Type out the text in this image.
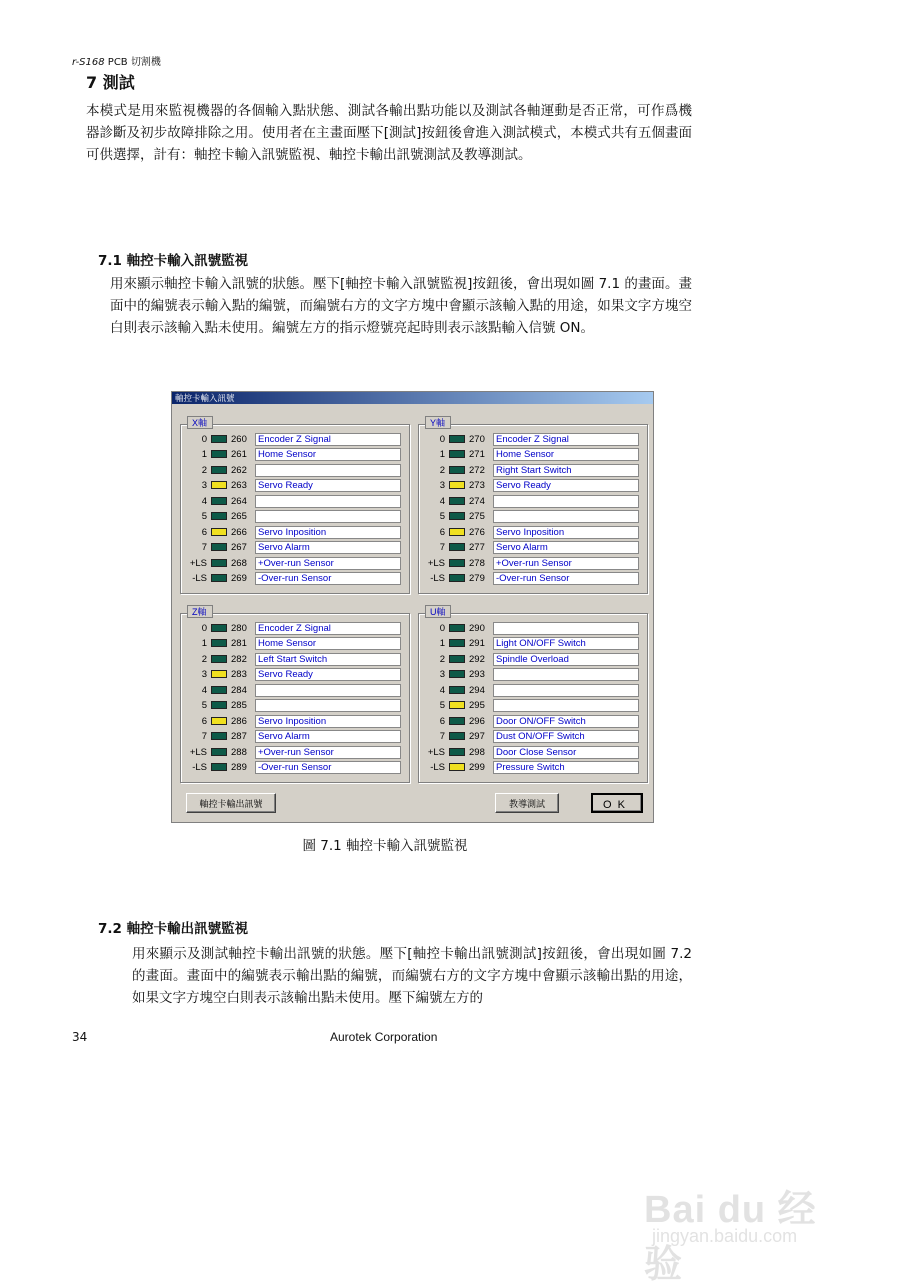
r-S168 PCB 切割機
7 測試
本模式是用來監視機器的各個輸入點狀態、測試各輸出點功能以及測試各軸運動是否正常，可作爲機器診斷及初步故障排除之用。使用者在主畫面壓下[測試]按鈕後會進入測試模式，本模式共有五個畫面可供選擇，計有：軸控卡輸入訊號監視、軸控卡輸出訊號測試及教導測試。
7.1 軸控卡輸入訊號監視
用來顯示軸控卡輸入訊號的狀態。壓下[軸控卡輸入訊號監視]按鈕後，會出現如圖 7.1 的畫面。畫面中的編號表示輸入點的編號，而編號右方的文字方塊中會顯示該輸入點的用途，如果文字方塊空白則表示該輸入點未使用。編號左方的指示燈號亮起時則表示該點輸入信號 ON。
軸控卡輸入訊號
X軸
0	260	Encoder Z Signal
1	261	Home Sensor
2	262
3	263	Servo Ready
4	264
5	265
6	266	Servo Inposition
7	267	Servo Alarm
+LS	268	+Over-run Sensor
-LS	269	-Over-run Sensor
Y軸
0	270	Encoder Z Signal
1	271	Home Sensor
2	272	Right Start Switch
3	273	Servo Ready
4	274
5	275
6	276	Servo Inposition
7	277	Servo Alarm
+LS	278	+Over-run Sensor
-LS	279	-Over-run Sensor
Z軸
0	280	Encoder Z Signal
1	281	Home Sensor
2	282	Left Start Switch
3	283	Servo Ready
4	284
5	285
6	286	Servo Inposition
7	287	Servo Alarm
+LS	288	+Over-run Sensor
-LS	289	-Over-run Sensor
U軸
0	290
1	291	Light ON/OFF Switch
2	292	Spindle Overload
3	293
4	294
5	295
6	296	Door ON/OFF Switch
7	297	Dust ON/OFF Switch
+LS	298	Door Close Sensor
-LS	299	Pressure Switch
軸控卡輸出訊號	教導測試	OK
圖 7.1 軸控卡輸入訊號監視
7.2 軸控卡輸出訊號監視
用來顯示及測試軸控卡輸出訊號的狀態。壓下[軸控卡輸出訊號測試]按鈕後，會出現如圖 7.2 的畫面。畫面中的編號表示輸出點的編號，而編號右方的文字方塊中會顯示該輸出點的用途，如果文字方塊空白則表示該輸出點未使用。壓下編號左方的
34	Aurotek Corporation
Bai du 经验
jingyan.baidu.com
